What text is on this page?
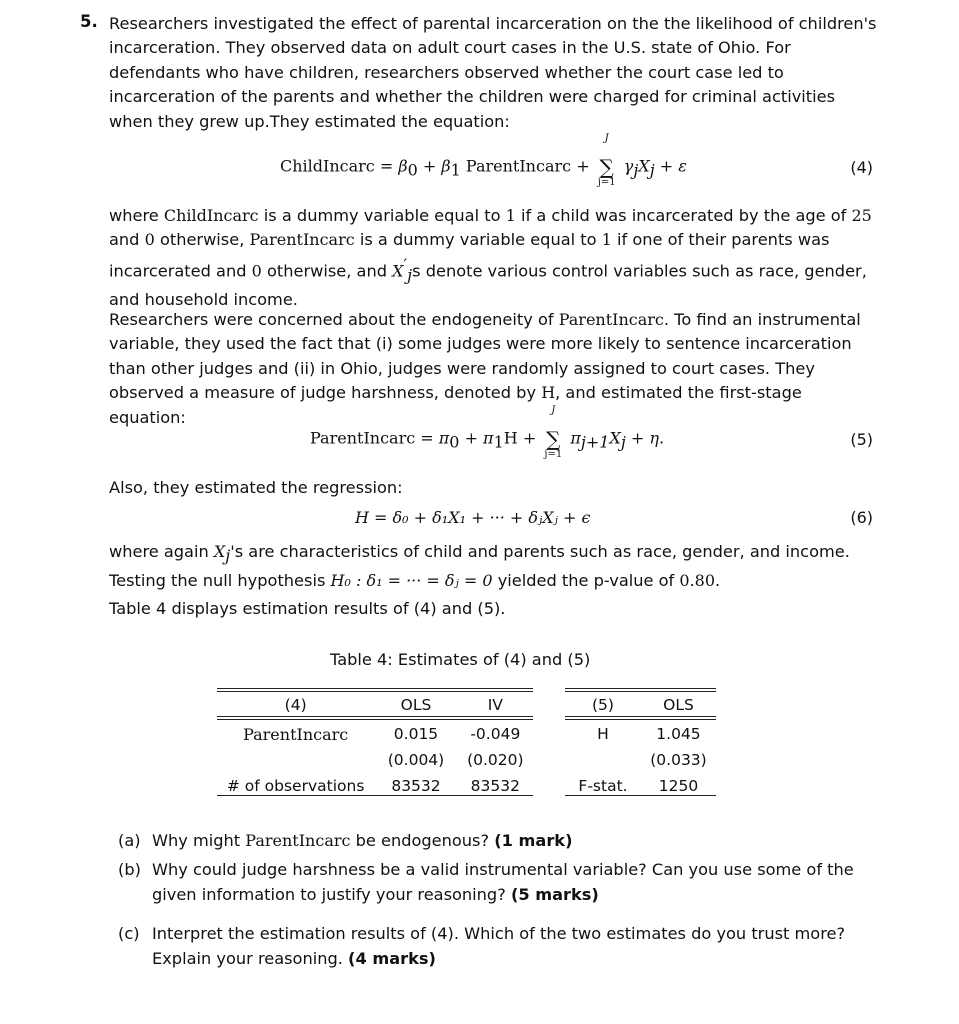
5. Researchers investigated the effect of parental incarceration on the the likelihood of children's incarceration. They observed data on adult court cases in the U.S. state of Ohio. For defendants who have children, researchers observed whether the court case led to incarceration of the parents and whether the children were charged for criminal activities when they grew up.They estimated the equation:
ChildIncarc = $\beta_0 + \beta_1$ ParentIncarc +
J
∑
j=1
$\gamma_jX_j + \varepsilon$	(4)
where ChildIncarc is a dummy variable equal to 1 if a child was incarcerated by the age of 25 and 0 otherwise, ParentIncarc is a dummy variable equal to 1 if one of their parents was incarcerated and 0 otherwise, and $X'_js$ denote various control variables such as race, gender, and household income.
Researchers were concerned about the endogeneity of ParentIncarc. To find an instrumental variable, they used the fact that (i) some judges were more likely to sentence incarceration than other judges and (ii) in Ohio, judges were randomly assigned to court cases. They observed a measure of judge harshness, denoted by H, and estimated the first-stage equation:
ParentIncarc = $\pi_0 + \pi_1H$ +
J
∑
j=1
$\pi_{j+1}X_j + \eta$.	(5)
Also, they estimated the regression:
H = δ₀ + δ₁X₁ + ··· + δⱼXⱼ + ϵ	(6)
where again $X_j's$ are characteristics of child and parents such as race, gender, and income.
Testing the null hypothesis H₀ : δ₁ = ··· = δⱼ = 0 yielded the p-value of 0.80.
Table 4 displays estimation results of (4) and (5).
Table 4: Estimates of (4) and (5)
(4)	OLS	IV
ParentIncarc	0.015	-0.049
	(0.004)	(0.020)
# of observations	83532	83532
(5)	OLS
H	1.045
	(0.033)
F-stat.	1250
(a) Why might ParentIncarc be endogenous? (1 mark)
(b) Why could judge harshness be a valid instrumental variable? Can you use some of the given information to justify your reasoning? (5 marks)
(c) Interpret the estimation results of (4). Which of the two estimates do you trust more? Explain your reasoning. (4 marks)
